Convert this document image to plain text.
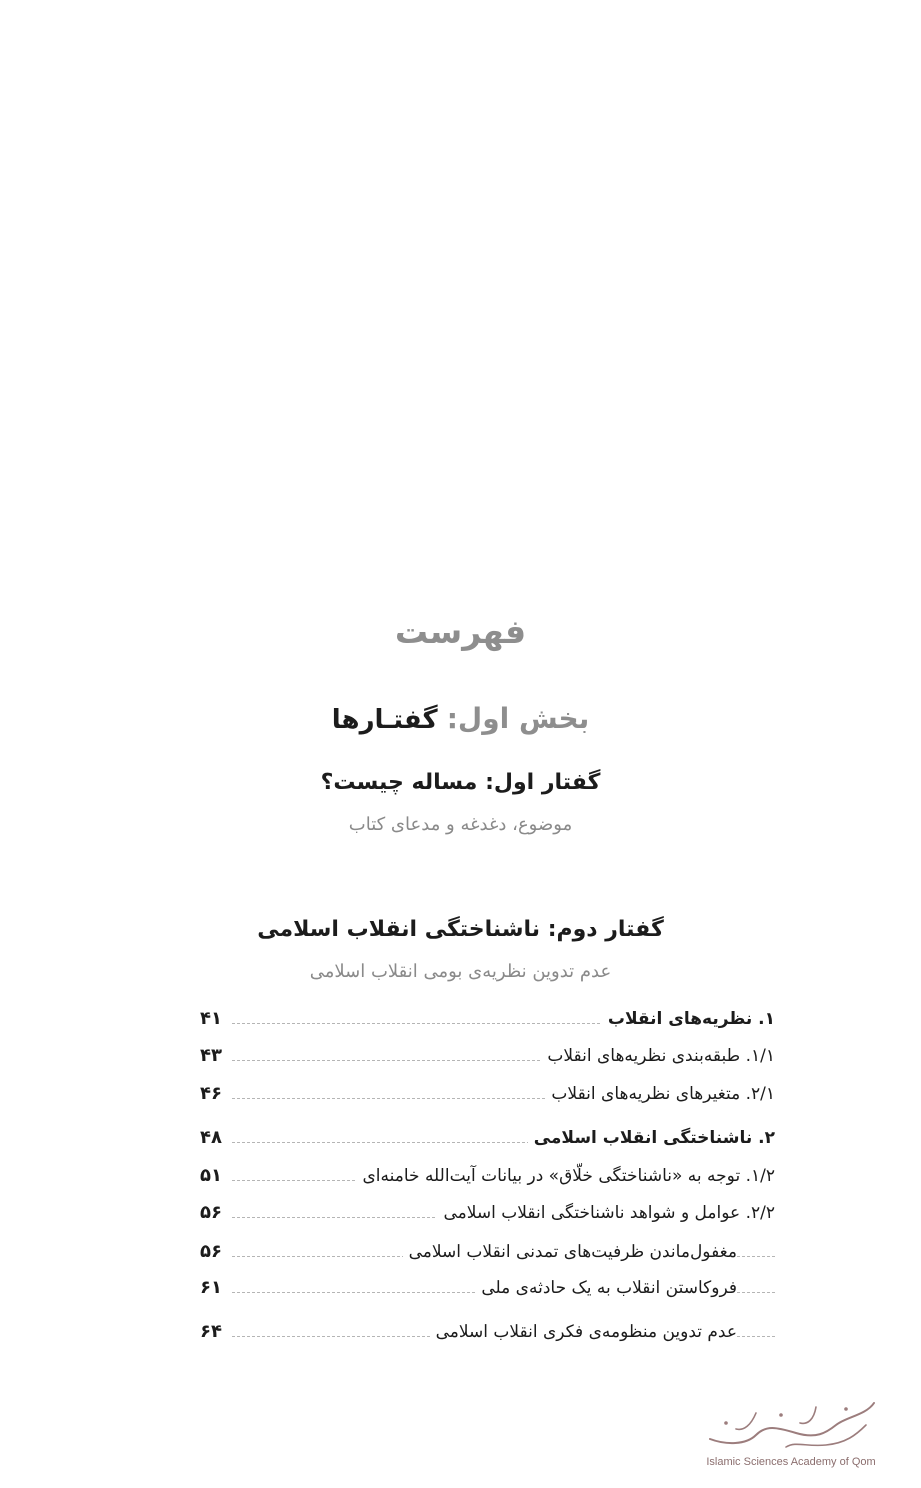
فهرست
بخش اول: گفتـارها
گفتار اول: مساله چیست؟
موضوع، دغدغه و مدعای کتاب
گفتار دوم: ناشناختگی انقلاب اسلامی
عدم تدوین نظریه‌ی بومی انقلاب اسلامی
۱. نظریه‌های انقلاب
۴۱
۱/۱. طبقه‌بندی نظریه‌های انقلاب
۴۳
۲/۱. متغیرهای نظریه‌های انقلاب
۴۶
۲. ناشناختگی انقلاب اسلامی
۴۸
۱/۲. توجه به «ناشناختگی خلّاق» در بیانات آیت‌الله خامنه‌ای
۵۱
۲/۲. عوامل و شواهد ناشناختگی انقلاب اسلامی
۵۶
مغفول‌ماندن ظرفیت‌های تمدنی انقلاب اسلامی
۵۶
فروکاستن انقلاب به یک حادثه‌ی ملی
۶۱
عدم تدوین منظومه‌ی فکری انقلاب اسلامی
۶۴
Islamic Sciences Academy of Qom
